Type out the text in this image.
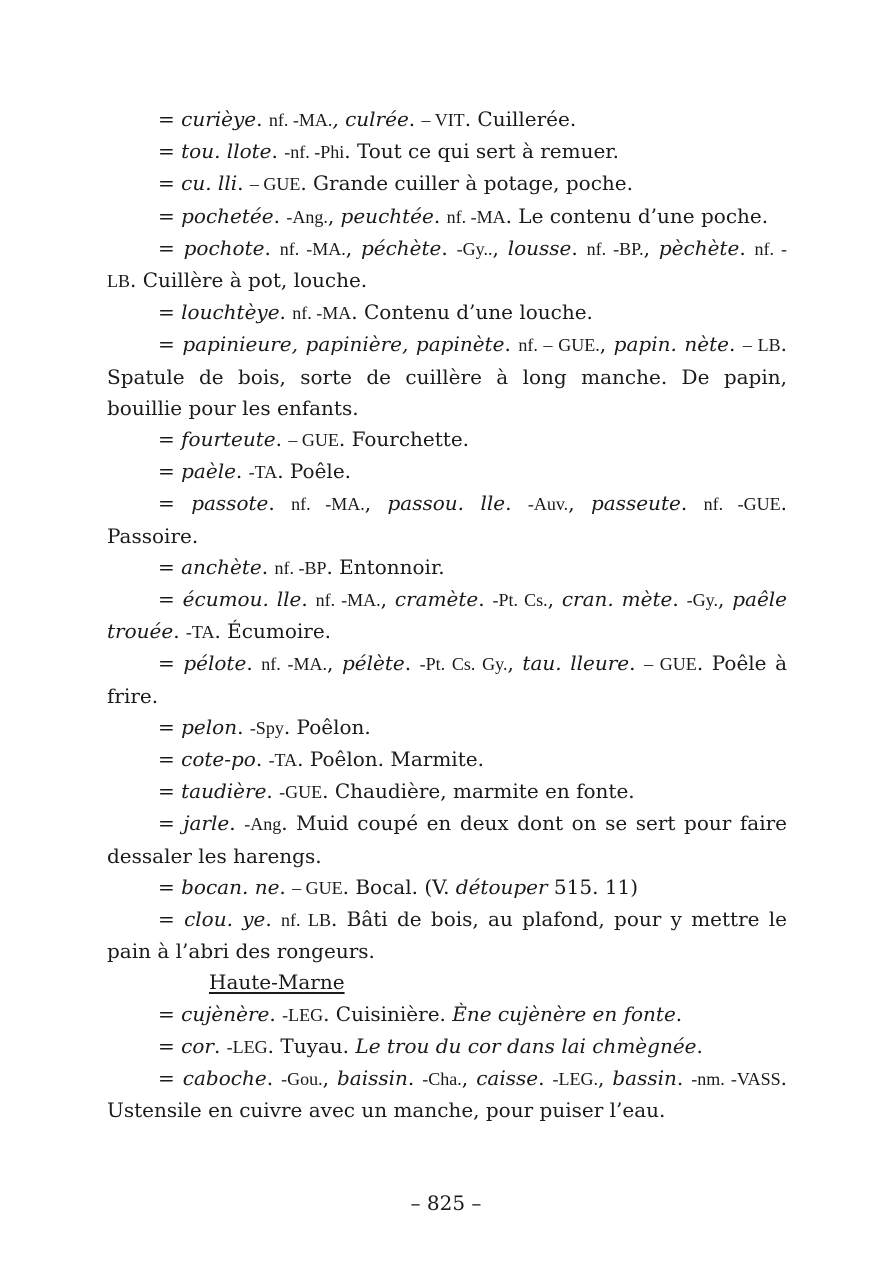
= curièye. nf. -MA., culrée. – VIT. Cuillerée.

= tou. llote. -nf. -Phi. Tout ce qui sert à remuer.

= cu. lli. – GUE. Grande cuiller à potage, poche.

= pochetée. -Ang., peuchtée. nf. -MA. Le contenu d’une poche.

= pochote. nf. -MA., péchète. -Gy.., lousse. nf. -BP., pèchète. nf. -LB. Cuillère à pot, louche.

= louchtèye. nf. -MA. Contenu d’une louche.

= papinieure, papinière, papinète. nf. – GUE., papin. nète. – LB. Spatule de bois, sorte de cuillère à long manche. De papin, bouillie pour les enfants.

= fourteute. – GUE. Fourchette.

= paèle. -TA. Poêle.

= passote. nf. -MA., passou. lle. -Auv., passeute. nf. -GUE. Passoire.

= anchète. nf. -BP. Entonnoir.

= écumou. lle. nf. -MA., cramète. -Pt. Cs., cran. mète. -Gy., paêle trouée. -TA. Écumoire.

= pélote. nf. -MA., pélète. -Pt. Cs. Gy., tau. lleure. – GUE. Poêle à frire.

= pelon. -Spy. Poêlon.

= cote-po. -TA. Poêlon. Marmite.

= taudière. -GUE. Chaudière, marmite en fonte.

= jarle. -Ang. Muid coupé en deux dont on se sert pour faire dessaler les harengs.

= bocan. ne. – GUE. Bocal. (V. détouper 515. 11)

= clou. ye. nf. LB. Bâti de bois, au plafond, pour y mettre le pain à l’abri des rongeurs.

Haute-Marne

= cujènère. -LEG. Cuisinière. Ène cujènère en fonte.

= cor. -LEG. Tuyau. Le trou du cor dans lai chmègnée.

= caboche. -Gou., baissin. -Cha., caisse. -LEG., bassin. -nm. -VASS. Ustensile en cuivre avec un manche, pour puiser l’eau.

– 825 –
